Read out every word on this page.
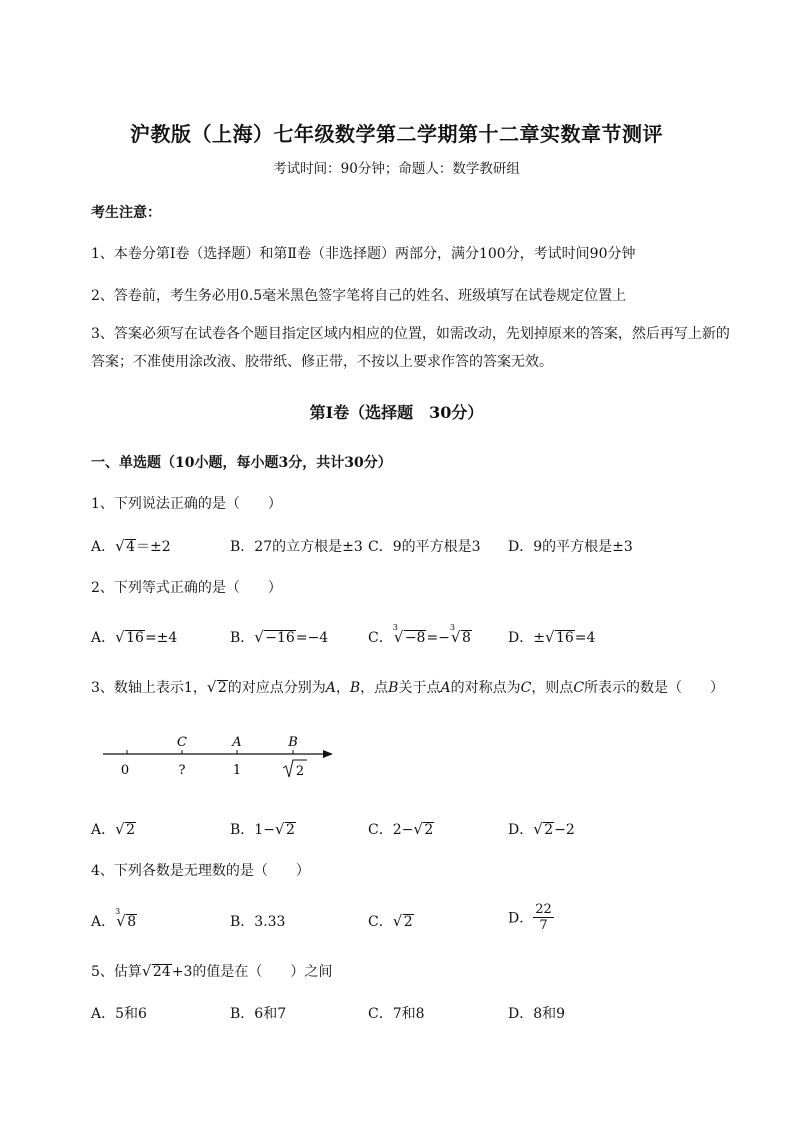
沪教版（上海）七年级数学第二学期第十二章实数章节测评
考试时间：90分钟；命题人：数学教研组
考生注意：
1、本卷分第Ⅰ卷（选择题）和第Ⅱ卷（非选择题）两部分，满分100分，考试时间90分钟
2、答卷前，考生务必用0.5毫米黑色签字笔将自己的姓名、班级填写在试卷规定位置上
3、答案必须写在试卷各个题目指定区域内相应的位置，如需改动，先划掉原来的答案，然后再写上新的答案；不准使用涂改液、胶带纸、修正带，不按以上要求作答的答案无效。
第Ⅰ卷（选择题　30分）
一、单选题（10小题，每小题3分，共计30分）
1、下列说法正确的是（　　）
A． √ 4＝±2	B．27的立方根是±3 C．9的平方根是3 D．9的平方根是±3
2、下列等式正确的是（　　）
A． √ 16=±4	B． √ −16=−4	C．$^3$√ −8=−$^3$√ 8	D．± √ 16=4
3、数轴上表示1， √ 2的对应点分别为A，B，点B关于点A的对称点为C，则点C所表示的数是（　　）
C	A	B
0	?	1	2
A． √ 2	B．1− √ 2	C．2− √ 2	D． √ 2−2
4、下列各数是无理数的是（　　）
A．$^3$√ 8	B．3.33	C． √ 2	D． $\frac{22}{7}$
5、估算 √ 24+3的值是在（　　）之间
A．5和6	B．6和7	C．7和8	D．8和9
